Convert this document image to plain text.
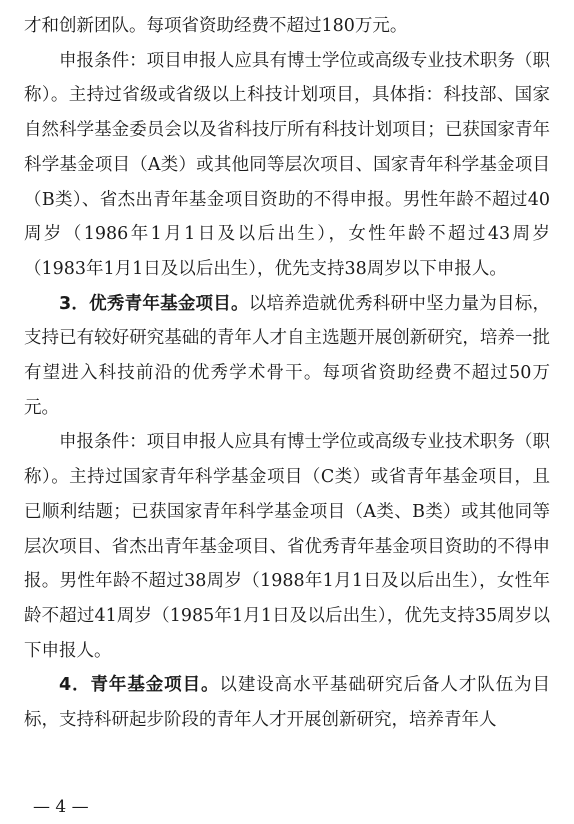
才和创新团队。每项省资助经费不超过180万元。

申报条件：项目申报人应具有博士学位或高级专业技术职务（职称）。主持过省级或省级以上科技计划项目，具体指：科技部、国家自然科学基金委员会以及省科技厅所有科技计划项目；已获国家青年科学基金项目（A类）或其他同等层次项目、国家青年科学基金项目（B类）、省杰出青年基金项目资助的不得申报。男性年龄不超过40周岁（1986年1月1日及以后出生），女性年龄不超过43周岁（1983年1月1日及以后出生），优先支持38周岁以下申报人。

3．优秀青年基金项目。以培养造就优秀科研中坚力量为目标，支持已有较好研究基础的青年人才自主选题开展创新研究，培养一批有望进入科技前沿的优秀学术骨干。每项省资助经费不超过50万元。

申报条件：项目申报人应具有博士学位或高级专业技术职务（职称）。主持过国家青年科学基金项目（C类）或省青年基金项目，且已顺利结题；已获国家青年科学基金项目（A类、B类）或其他同等层次项目、省杰出青年基金项目、省优秀青年基金项目资助的不得申报。男性年龄不超过38周岁（1988年1月1日及以后出生），女性年龄不超过41周岁（1985年1月1日及以后出生），优先支持35周岁以下申报人。

4．青年基金项目。以建设高水平基础研究后备人才队伍为目标，支持科研起步阶段的青年人才开展创新研究，培养青年人

— 4 —
